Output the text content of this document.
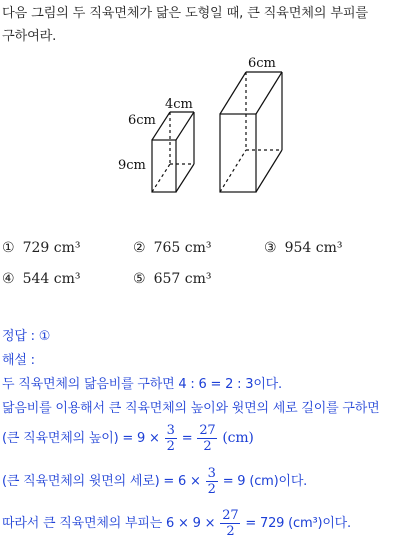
다음 그림의 두 직육면체가 닮은 도형일 때, 큰 직육면체의 부피를
구하여라.
4cm
6cm
9cm
6cm
① 729 cm³	② 765 cm³	③ 954 cm³
④ 544 cm³	⑤ 657 cm³
정답 : ①
해설 :
두 직육면체의 닮음비를 구하면 4 : 6 = 2 : 3이다.
닮음비를 이용해서 큰 직육면체의 높이와 윗면의 세로 길이를 구하면
(큰 직육면체의 높이) = $9 \times \frac{3}{2} = \frac{27}{2} (cm)$
(큰 직육면체의 윗면의 세로) = $6 \times \frac{3}{2} = 9$ (cm)이다.
따라서 큰 직육면체의 부피는 $6 \times 9 \times \frac{27}{2} = 729$ (cm³)이다.
